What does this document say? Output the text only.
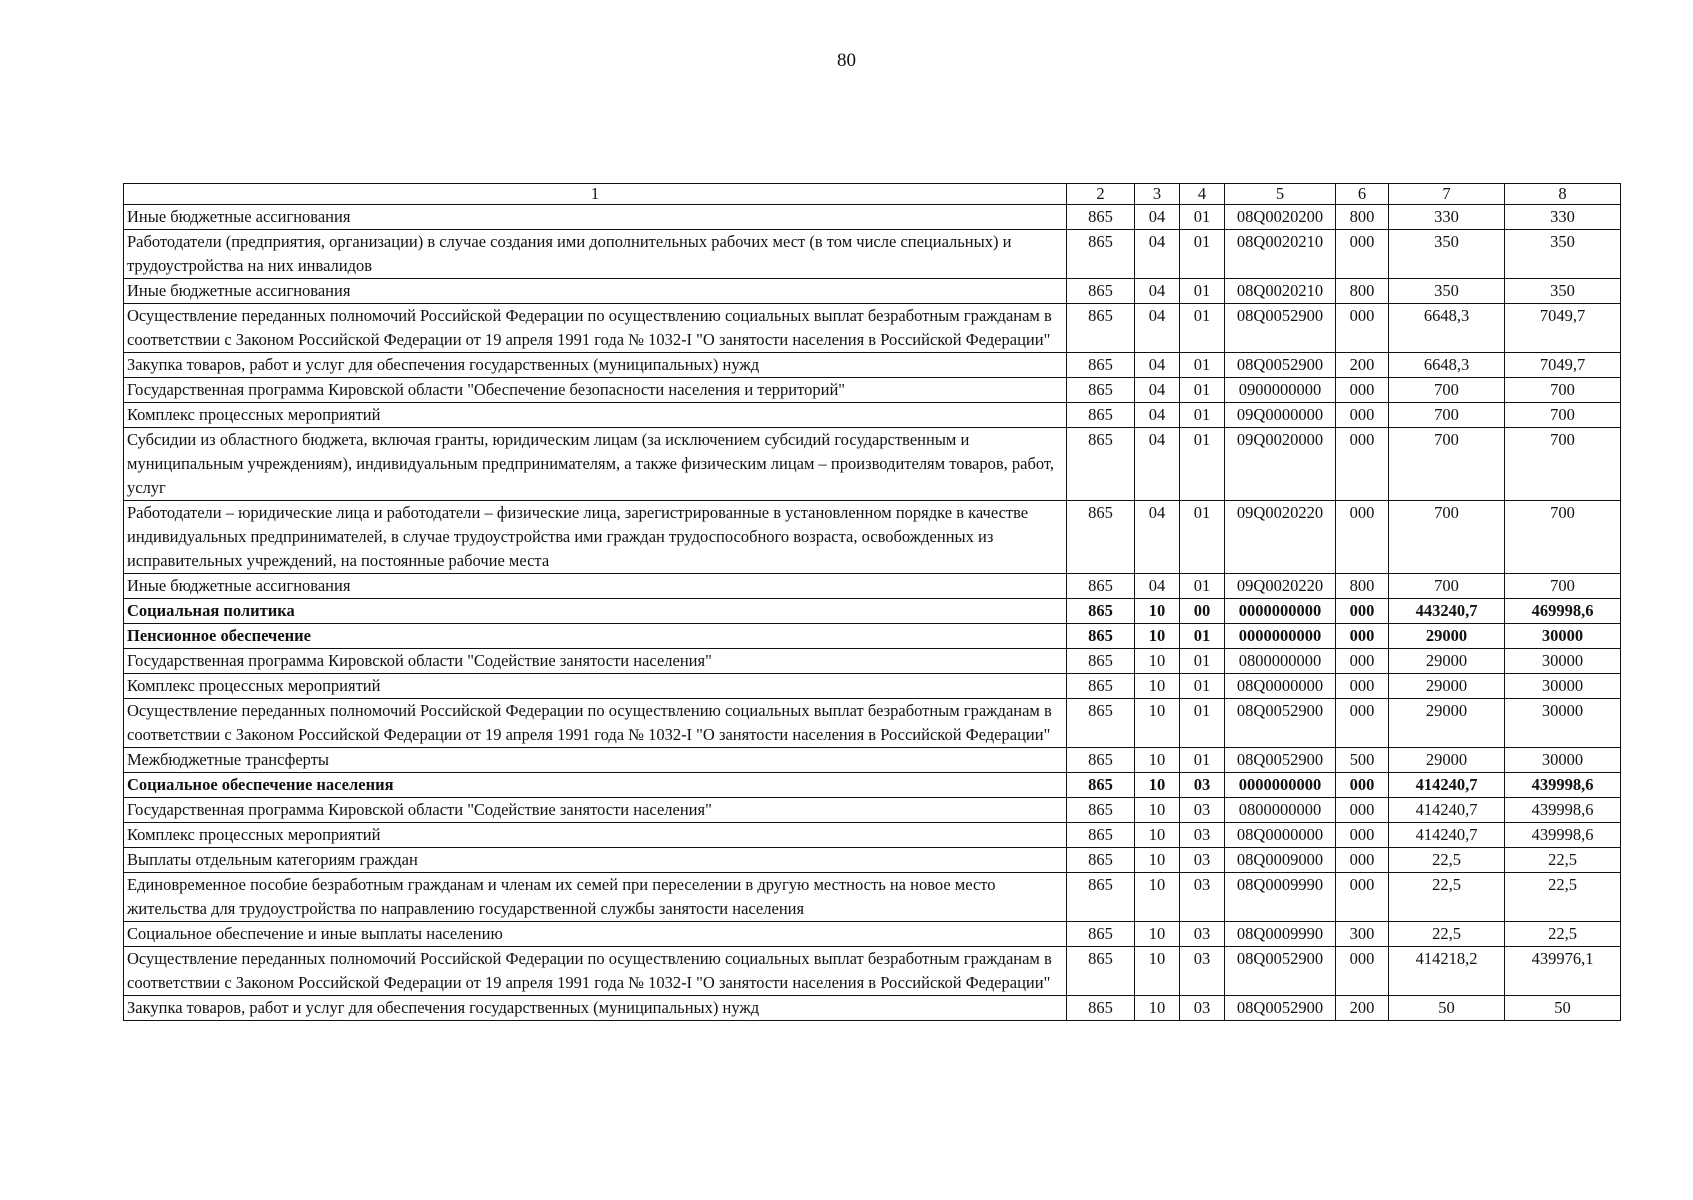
80
1	2	3	4	5	6	7	8
Иные бюджетные ассигнования	865	04	01	08Q0020200	800	330	330
Работодатели (предприятия, организации) в случае создания ими дополнительных рабочих мест (в том числе специальных) и трудоустройства на них инвалидов	865	04	01	08Q0020210	000	350	350
Иные бюджетные ассигнования	865	04	01	08Q0020210	800	350	350
Осуществление переданных полномочий Российской Федерации по осуществлению социальных выплат безработным гражданам в соответствии с Законом Российской Федерации от 19 апреля 1991 года № 1032-I "О занятости населения в Российской Федерации"	865	04	01	08Q0052900	000	6648,3	7049,7
Закупка товаров, работ и услуг для обеспечения государственных (муниципальных) нужд	865	04	01	08Q0052900	200	6648,3	7049,7
Государственная программа Кировской области "Обеспечение безопасности населения и территорий"	865	04	01	0900000000	000	700	700
Комплекс процессных мероприятий	865	04	01	09Q0000000	000	700	700
Субсидии из областного бюджета, включая гранты, юридическим лицам (за исключением субсидий государственным и муниципальным учреждениям), индивидуальным предпринимателям, а также физическим лицам – производителям товаров, работ, услуг	865	04	01	09Q0020000	000	700	700
Работодатели – юридические лица и работодатели – физические лица, зарегистрированные в установленном порядке в качестве индивидуальных предпринимателей, в случае трудоустройства ими граждан трудоспособного возраста, освобожденных из исправительных учреждений, на постоянные рабочие места	865	04	01	09Q0020220	000	700	700
Иные бюджетные ассигнования	865	04	01	09Q0020220	800	700	700
Социальная политика	865	10	00	0000000000	000	443240,7	469998,6
Пенсионное обеспечение	865	10	01	0000000000	000	29000	30000
Государственная программа Кировской области "Содействие занятости населения"	865	10	01	0800000000	000	29000	30000
Комплекс процессных мероприятий	865	10	01	08Q0000000	000	29000	30000
Осуществление переданных полномочий Российской Федерации по осуществлению социальных выплат безработным гражданам в соответствии с Законом Российской Федерации от 19 апреля 1991 года № 1032-I "О занятости населения в Российской Федерации"	865	10	01	08Q0052900	000	29000	30000
Межбюджетные трансферты	865	10	01	08Q0052900	500	29000	30000
Социальное обеспечение населения	865	10	03	0000000000	000	414240,7	439998,6
Государственная программа Кировской области "Содействие занятости населения"	865	10	03	0800000000	000	414240,7	439998,6
Комплекс процессных мероприятий	865	10	03	08Q0000000	000	414240,7	439998,6
Выплаты отдельным категориям граждан	865	10	03	08Q0009000	000	22,5	22,5
Единовременное пособие безработным гражданам и членам их семей при переселении в другую местность на новое место жительства для трудоустройства по направлению государственной службы занятости населения	865	10	03	08Q0009990	000	22,5	22,5
Социальное обеспечение и иные выплаты населению	865	10	03	08Q0009990	300	22,5	22,5
Осуществление переданных полномочий Российской Федерации по осуществлению социальных выплат безработным гражданам в соответствии с Законом Российской Федерации от 19 апреля 1991 года № 1032-I "О занятости населения в Российской Федерации"	865	10	03	08Q0052900	000	414218,2	439976,1
Закупка товаров, работ и услуг для обеспечения государственных (муниципальных) нужд	865	10	03	08Q0052900	200	50	50
